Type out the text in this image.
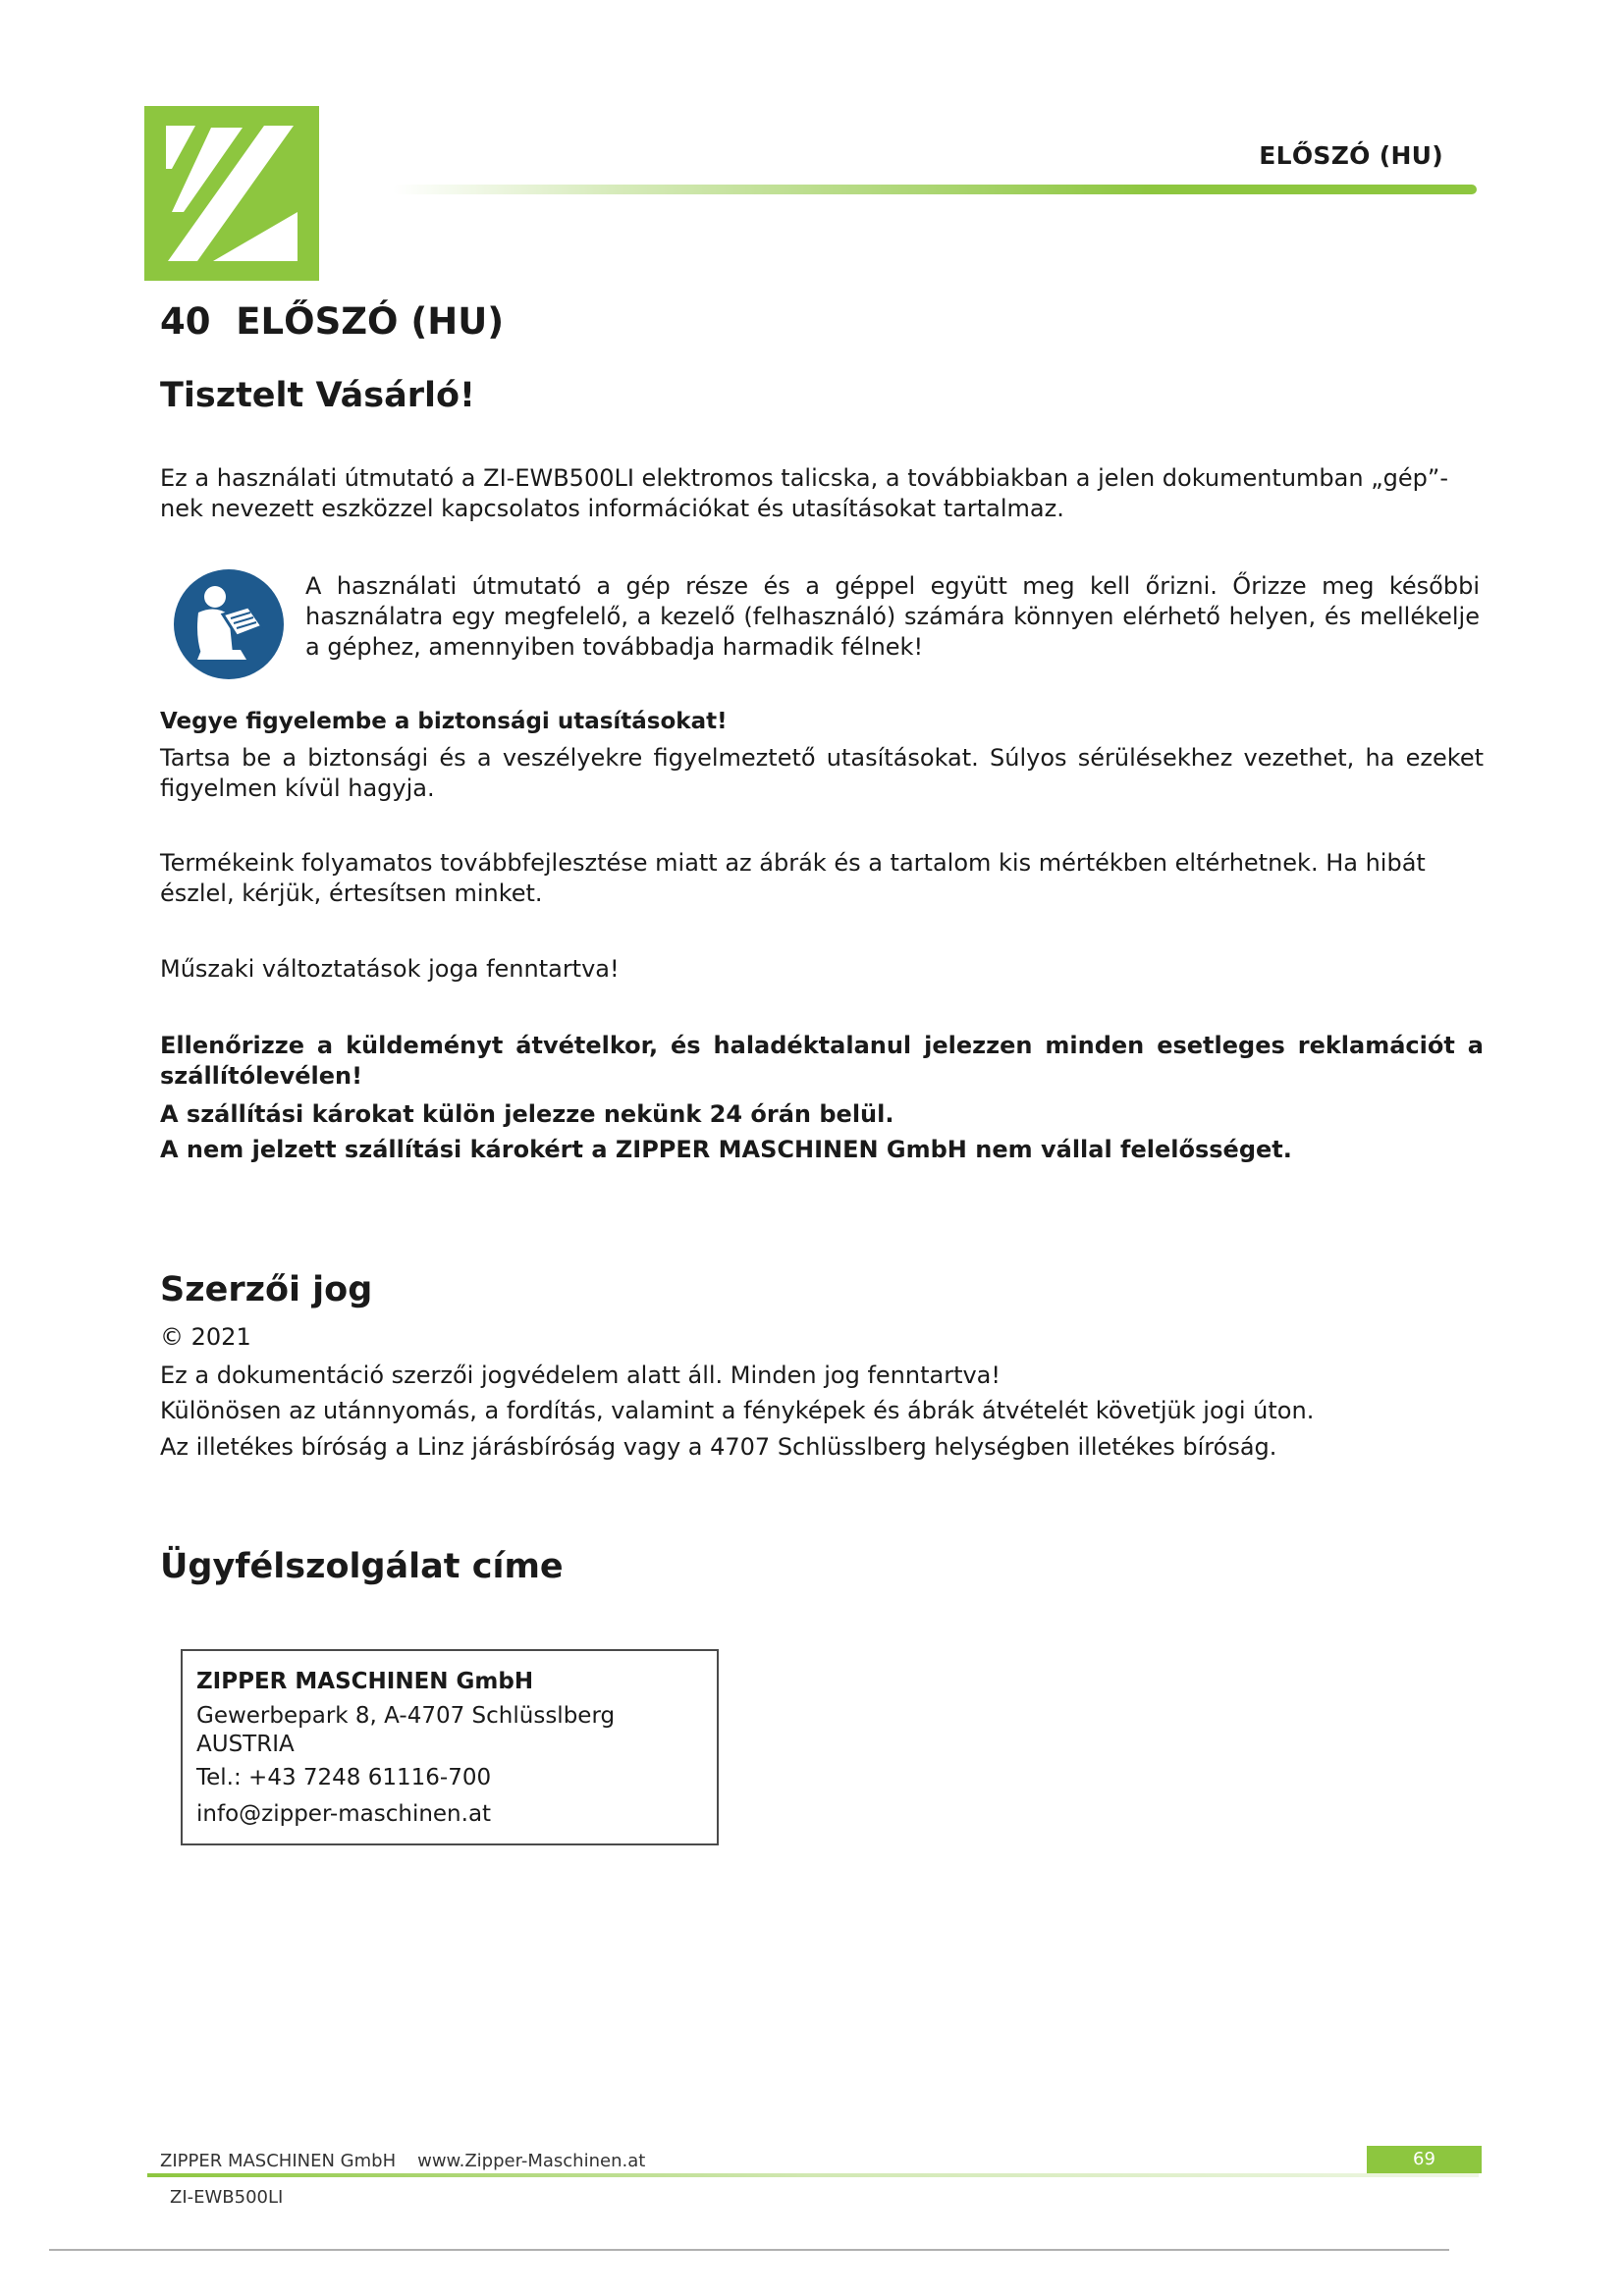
ELŐSZÓ (HU)
40 ELŐSZÓ (HU)
Tisztelt Vásárló!
Ez a használati útmutató a ZI-EWB500LI elektromos talicska, a továbbiakban a jelen dokumentumban „gép”-nek nevezett eszközzel kapcsolatos információkat és utasításokat tartalmaz.
A használati útmutató a gép része és a géppel együtt meg kell őrizni. Őrizze meg későbbi használatra egy megfelelő, a kezelő (felhasználó) számára könnyen elérhető helyen, és mellékelje a géphez, amennyiben továbbadja harmadik félnek!
Vegye figyelembe a biztonsági utasításokat!
Tartsa be a biztonsági és a veszélyekre figyelmeztető utasításokat. Súlyos sérülésekhez vezethet, ha ezeket figyelmen kívül hagyja.
Termékeink folyamatos továbbfejlesztése miatt az ábrák és a tartalom kis mértékben eltérhetnek. Ha hibát észlel, kérjük, értesítsen minket.
Műszaki változtatások joga fenntartva!
Ellenőrizze a küldeményt átvételkor, és haladéktalanul jelezzen minden esetleges reklamációt a szállítólevélen!
A szállítási károkat külön jelezze nekünk 24 órán belül.
A nem jelzett szállítási károkért a ZIPPER MASCHINEN GmbH nem vállal felelősséget.
Szerzői jog
© 2021
Ez a dokumentáció szerzői jogvédelem alatt áll. Minden jog fenntartva!
Különösen az utánnyomás, a fordítás, valamint a fényképek és ábrák átvételét követjük jogi úton.
Az illetékes bíróság a Linz járásbíróság vagy a 4707 Schlüsslberg helységben illetékes bíróság.
Ügyfélszolgálat címe
ZIPPER MASCHINEN GmbH
Gewerbepark 8, A-4707 Schlüsslberg
AUSTRIA
Tel.: +43 7248 61116-700
info@zipper-maschinen.at
ZIPPER MASCHINEN GmbH www.Zipper-Maschinen.at	69
ZI-EWB500LI
